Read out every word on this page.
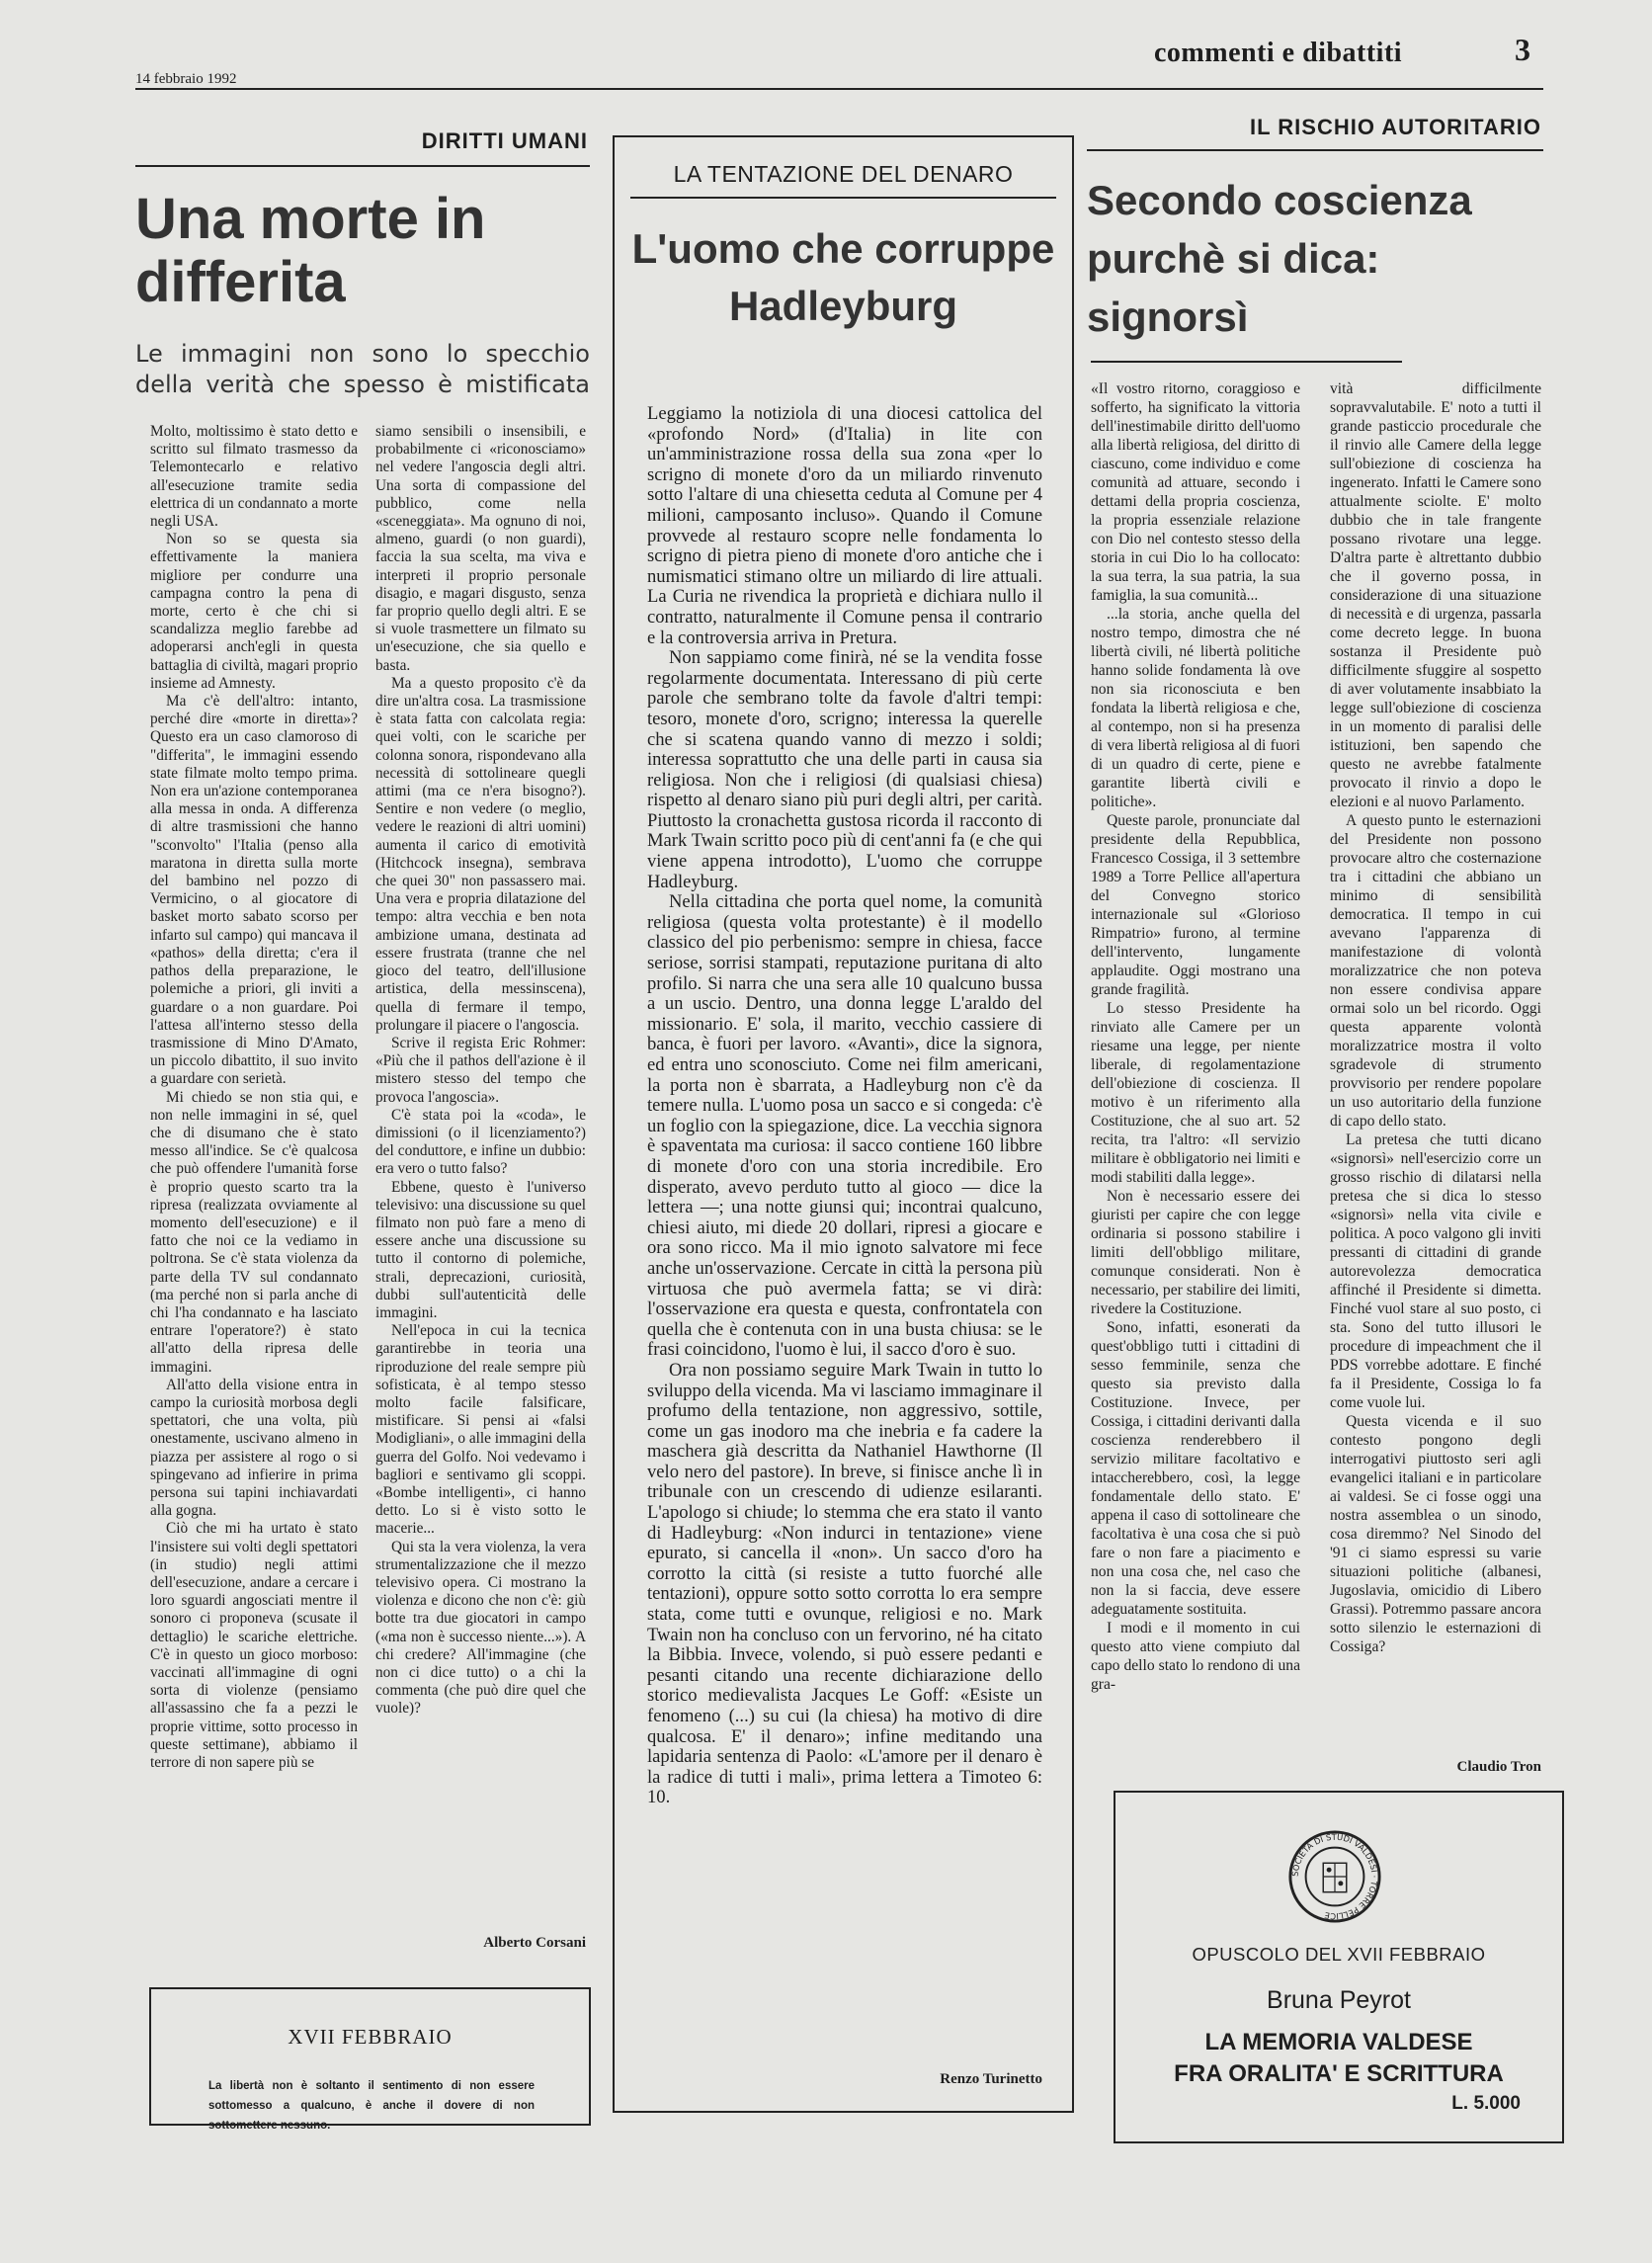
14 febbraio 1992
commenti e dibattiti	3
DIRITTI UMANI
Una morte in differita

Le immagini non sono lo specchio della verità che spesso è mistificata

Molto, moltissimo è stato detto e scritto sul filmato trasmesso da Telemontecarlo e relativo all'esecuzione tramite sedia elettrica di un condannato a morte negli USA.

Non so se questa sia effettivamente la maniera migliore per condurre una campagna contro la pena di morte, certo è che chi si scandalizza meglio farebbe ad adoperarsi anch'egli in questa battaglia di civiltà, magari proprio insieme ad Amnesty.

Ma c'è dell'altro: intanto, perché dire «morte in diretta»? Questo era un caso clamoroso di "differita", le immagini essendo state filmate molto tempo prima. Non era un'azione contemporanea alla messa in onda. A differenza di altre trasmissioni che hanno "sconvolto" l'Italia (penso alla maratona in diretta sulla morte del bambino nel pozzo di Vermicino, o al giocatore di basket morto sabato scorso per infarto sul campo) qui mancava il «pathos» della diretta; c'era il pathos della preparazione, le polemiche a priori, gli inviti a guardare o a non guardare. Poi l'attesa all'interno stesso della trasmissione di Mino D'Amato, un piccolo dibattito, il suo invito a guardare con serietà.

Mi chiedo se non stia qui, e non nelle immagini in sé, quel che di disumano che è stato messo all'indice. Se c'è qualcosa che può offendere l'umanità forse è proprio questo scarto tra la ripresa (realizzata ovviamente al momento dell'esecuzione) e il fatto che noi ce la vediamo in poltrona. Se c'è stata violenza da parte della TV sul condannato (ma perché non si parla anche di chi l'ha condannato e ha lasciato entrare l'operatore?) è stato all'atto della ripresa delle immagini.

All'atto della visione entra in campo la curiosità morbosa degli spettatori, che una volta, più onestamente, uscivano almeno in piazza per assistere al rogo o si spingevano ad infierire in prima persona sui tapini inchiavardati alla gogna.

Ciò che mi ha urtato è stato l'insistere sui volti degli spettatori (in studio) negli attimi dell'esecuzione, andare a cercare i loro sguardi angosciati mentre il sonoro ci proponeva (scusate il dettaglio) le scariche elettriche. C'è in questo un gioco morboso: vaccinati all'immagine di ogni sorta di violenze (pensiamo all'assassino che fa a pezzi le proprie vittime, sotto processo in queste settimane), abbiamo il terrore di non sapere più se

siamo sensibili o insensibili, e probabilmente ci «riconosciamo» nel vedere l'angoscia degli altri. Una sorta di compassione del pubblico, come nella «sceneggiata». Ma ognuno di noi, almeno, guardi (o non guardi), faccia la sua scelta, ma viva e interpreti il proprio personale disagio, e magari disgusto, senza far proprio quello degli altri. E se si vuole trasmettere un filmato su un'esecuzione, che sia quello e basta.

Ma a questo proposito c'è da dire un'altra cosa. La trasmissione è stata fatta con calcolata regia: quei volti, con le scariche per colonna sonora, rispondevano alla necessità di sottolineare quegli attimi (ma ce n'era bisogno?). Sentire e non vedere (o meglio, vedere le reazioni di altri uomini) aumenta il carico di emotività (Hitchcock insegna), sembrava che quei 30" non passassero mai. Una vera e propria dilatazione del tempo: altra vecchia e ben nota ambizione umana, destinata ad essere frustrata (tranne che nel gioco del teatro, dell'illusione artistica, della messinscena), quella di fermare il tempo, prolungare il piacere o l'angoscia.

Scrive il regista Eric Rohmer: «Più che il pathos dell'azione è il mistero stesso del tempo che provoca l'angoscia».

C'è stata poi la «coda», le dimissioni (o il licenziamento?) del conduttore, e infine un dubbio: era vero o tutto falso?

Ebbene, questo è l'universo televisivo: una discussione su quel filmato non può fare a meno di essere anche una discussione su tutto il contorno di polemiche, strali, deprecazioni, curiosità, dubbi sull'autenticità delle immagini.

Nell'epoca in cui la tecnica garantirebbe in teoria una riproduzione del reale sempre più sofisticata, è al tempo stesso molto facile falsificare, mistificare. Si pensi ai «falsi Modigliani», o alle immagini della guerra del Golfo. Noi vedevamo i bagliori e sentivamo gli scoppi. «Bombe intelligenti», ci hanno detto. Lo si è visto sotto le macerie...

Qui sta la vera violenza, la vera strumentalizzazione che il mezzo televisivo opera. Ci mostrano la violenza e dicono che non c'è: giù botte tra due giocatori in campo («ma non è successo niente...»). A chi credere? All'immagine (che non ci dice tutto) o a chi la commenta (che può dire quel che vuole)?

Alberto Corsani
XVII FEBBRAIO
La libertà non è soltanto il sentimento di non essere sottomesso a qualcuno, è anche il dovere di non sottomettere nessuno.
LA TENTAZIONE DEL DENARO
L'uomo che corruppe Hadleyburg

Leggiamo la notiziola di una diocesi cattolica del «profondo Nord» (d'Italia) in lite con un'amministrazione rossa della sua zona «per lo scrigno di monete d'oro da un miliardo rinvenuto sotto l'altare di una chiesetta ceduta al Comune per 4 milioni, camposanto incluso». Quando il Comune provvede al restauro scopre nelle fondamenta lo scrigno di pietra pieno di monete d'oro antiche che i numismatici stimano oltre un miliardo di lire attuali. La Curia ne rivendica la proprietà e dichiara nullo il contratto, naturalmente il Comune pensa il contrario e la controversia arriva in Pretura.

Non sappiamo come finirà, né se la vendita fosse regolarmente documentata. Interessano di più certe parole che sembrano tolte da favole d'altri tempi: tesoro, monete d'oro, scrigno; interessa la querelle che si scatena quando vanno di mezzo i soldi; interessa soprattutto che una delle parti in causa sia religiosa. Non che i religiosi (di qualsiasi chiesa) rispetto al denaro siano più puri degli altri, per carità. Piuttosto la cronachetta gustosa ricorda il racconto di Mark Twain scritto poco più di cent'anni fa (e che qui viene appena introdotto), L'uomo che corruppe Hadleyburg.

Nella cittadina che porta quel nome, la comunità religiosa (questa volta protestante) è il modello classico del pio perbenismo: sempre in chiesa, facce seriose, sorrisi stampati, reputazione puritana di alto profilo. Si narra che una sera alle 10 qualcuno bussa a un uscio. Dentro, una donna legge L'araldo del missionario. E' sola, il marito, vecchio cassiere di banca, è fuori per lavoro. «Avanti», dice la signora, ed entra uno sconosciuto. Come nei film americani, la porta non è sbarrata, a Hadleyburg non c'è da temere nulla. L'uomo posa un sacco e si congeda: c'è un foglio con la spiegazione, dice. La vecchia signora è spaventata ma curiosa: il sacco contiene 160 libbre di monete d'oro con una storia incredibile. Ero disperato, avevo perduto tutto al gioco — dice la lettera —; una notte giunsi qui; incontrai qualcuno, chiesi aiuto, mi diede 20 dollari, ripresi a giocare e ora sono ricco. Ma il mio ignoto salvatore mi fece anche un'osservazione. Cercate in città la persona più virtuosa che può avermela fatta; se vi dirà: l'osservazione era questa e questa, confrontatela con quella che è contenuta con in una busta chiusa: se le frasi coincidono, l'uomo è lui, il sacco d'oro è suo.

Ora non possiamo seguire Mark Twain in tutto lo sviluppo della vicenda. Ma vi lasciamo immaginare il profumo della tentazione, non aggressivo, sottile, come un gas inodoro ma che inebria e fa cadere la maschera già descritta da Nathaniel Hawthorne (Il velo nero del pastore). In breve, si finisce anche lì in tribunale con un crescendo di udienze esilaranti. L'apologo si chiude; lo stemma che era stato il vanto di Hadleyburg: «Non indurci in tentazione» viene epurato, si cancella il «non». Un sacco d'oro ha corrotto la città (si resiste a tutto fuorché alle tentazioni), oppure sotto sotto corrotta lo era sempre stata, come tutti e ovunque, religiosi e no. Mark Twain non ha concluso con un fervorino, né ha citato la Bibbia. Invece, volendo, si può essere pedanti e pesanti citando una recente dichiarazione dello storico medievalista Jacques Le Goff: «Esiste un fenomeno (...) su cui (la chiesa) ha motivo di dire qualcosa. E' il denaro»; infine meditando una lapidaria sentenza di Paolo: «L'amore per il denaro è la radice di tutti i mali», prima lettera a Timoteo 6: 10.

Renzo Turinetto
IL RISCHIO AUTORITARIO
Secondo coscienza purchè si dica: signorsì

«Il vostro ritorno, coraggioso e sofferto, ha significato la vittoria dell'inestimabile diritto dell'uomo alla libertà religiosa, del diritto di ciascuno, come individuo e come comunità ad attuare, secondo i dettami della propria coscienza, la propria essenziale relazione con Dio nel contesto stesso della storia in cui Dio lo ha collocato: la sua terra, la sua patria, la sua famiglia, la sua comunità...

...la storia, anche quella del nostro tempo, dimostra che né libertà civili, né libertà politiche hanno solide fondamenta là ove non sia riconosciuta e ben fondata la libertà religiosa e che, al contempo, non si ha presenza di vera libertà religiosa al di fuori di un quadro di certe, piene e garantite libertà civili e politiche».

Queste parole, pronunciate dal presidente della Repubblica, Francesco Cossiga, il 3 settembre 1989 a Torre Pellice all'apertura del Convegno storico internazionale sul «Glorioso Rimpatrio» furono, al termine dell'intervento, lungamente applaudite. Oggi mostrano una grande fragilità.

Lo stesso Presidente ha rinviato alle Camere per un riesame una legge, per niente liberale, di regolamentazione dell'obiezione di coscienza. Il motivo è un riferimento alla Costituzione, che al suo art. 52 recita, tra l'altro: «Il servizio militare è obbligatorio nei limiti e modi stabiliti dalla legge».

Non è necessario essere dei giuristi per capire che con legge ordinaria si possono stabilire i limiti dell'obbligo militare, comunque considerati. Non è necessario, per stabilire dei limiti, rivedere la Costituzione.

Sono, infatti, esonerati da quest'obbligo tutti i cittadini di sesso femminile, senza che questo sia previsto dalla Costituzione. Invece, per Cossiga, i cittadini derivanti dalla coscienza renderebbero il servizio militare facoltativo e intaccherebbero, così, la legge fondamentale dello stato. E' appena il caso di sottolineare che facoltativa è una cosa che si può fare o non fare a piacimento e non una cosa che, nel caso che non la si faccia, deve essere adeguatamente sostituita.

I modi e il momento in cui questo atto viene compiuto dal capo dello stato lo rendono di una gra-

vità difficilmente sopravvalutabile. E' noto a tutti il grande pasticcio procedurale che il rinvio alle Camere della legge sull'obiezione di coscienza ha ingenerato. Infatti le Camere sono attualmente sciolte. E' molto dubbio che in tale frangente possano rivotare una legge. D'altra parte è altrettanto dubbio che il governo possa, in considerazione di una situazione di necessità e di urgenza, passarla come decreto legge. In buona sostanza il Presidente può difficilmente sfuggire al sospetto di aver volutamente insabbiato la legge sull'obiezione di coscienza in un momento di paralisi delle istituzioni, ben sapendo che questo ne avrebbe fatalmente provocato il rinvio a dopo le elezioni e al nuovo Parlamento.

A questo punto le esternazioni del Presidente non possono provocare altro che costernazione tra i cittadini che abbiano un minimo di sensibilità democratica. Il tempo in cui avevano l'apparenza di manifestazione di volontà moralizzatrice che non poteva non essere condivisa appare ormai solo un bel ricordo. Oggi questa apparente volontà moralizzatrice mostra il volto sgradevole di strumento provvisorio per rendere popolare un uso autoritario della funzione di capo dello stato.

La pretesa che tutti dicano «signorsì» nell'esercizio corre un grosso rischio di dilatarsi nella pretesa che si dica lo stesso «signorsì» nella vita civile e politica. A poco valgono gli inviti pressanti di cittadini di grande autorevolezza democratica affinché il Presidente si dimetta. Finché vuol stare al suo posto, ci sta. Sono del tutto illusori le procedure di impeachment che il PDS vorrebbe adottare. E finché fa il Presidente, Cossiga lo fa come vuole lui.

Questa vicenda e il suo contesto pongono degli interrogativi piuttosto seri agli evangelici italiani e in particolare ai valdesi. Se ci fosse oggi una nostra assemblea o un sinodo, cosa diremmo? Nel Sinodo del '91 ci siamo espressi su varie situazioni politiche (albanesi, Jugoslavia, omicidio di Libero Grassi). Potremmo passare ancora sotto silenzio le esternazioni di Cossiga?

Claudio Tron
SOCIETÀ DI STUDI VALDESI · TORRE PELLICE
OPUSCOLO DEL XVII FEBBRAIO
Bruna Peyrot
LA MEMORIA VALDESE
FRA ORALITA' E SCRITTURA
L. 5.000
